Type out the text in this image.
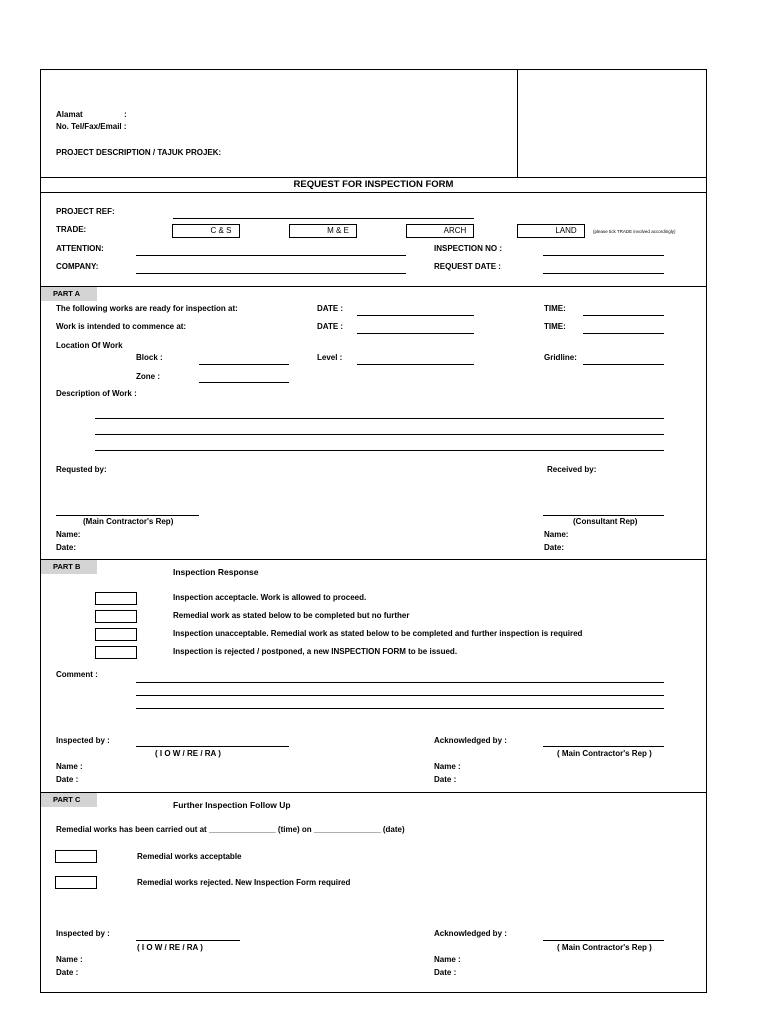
Alamat	:
No. Tel/Fax/Email :
PROJECT DESCRIPTION / TAJUK PROJEK:
REQUEST FOR INSPECTION FORM
PROJECT REF:
TRADE:	C & S	M & E	ARCH	LAND	(please tick TRADE involved accordingly)
ATTENTION:	INSPECTION NO :
COMPANY:	REQUEST DATE :
PART A
The following works are ready for inspection at:	DATE :	TIME:
Work is intended to commence at:	DATE :	TIME:
Location Of Work
Block :	Level :	Gridline:
Zone :
Description of Work :
Requsted by:	Received by:
(Main Contractor's Rep)	(Consultant Rep)
Name:	Name:
Date:	Date:
PART B
Inspection Response
Inspection acceptacle. Work is allowed to proceed.
Remedial work as stated below to be completed but no further
Inspection unacceptable. Remedial work as stated below to be completed and further inspection is required
Inspection is rejected / postponed, a new INSPECTION FORM to be issued.
Comment :
Inspected by :	Acknowledged by :
( I O W / RE / RA )	( Main Contractor's Rep )
Name :	Name :
Date :	Date :
PART C
Further Inspection Follow Up
Remedial works has been carried out at _______________ (time) on _______________ (date)
Remedial works acceptable
Remedial works rejected. New Inspection Form required
Inspected by :	Acknowledged by :
( I O W / RE / RA )	( Main Contractor's Rep )
Name :	Name :
Date :	Date :
